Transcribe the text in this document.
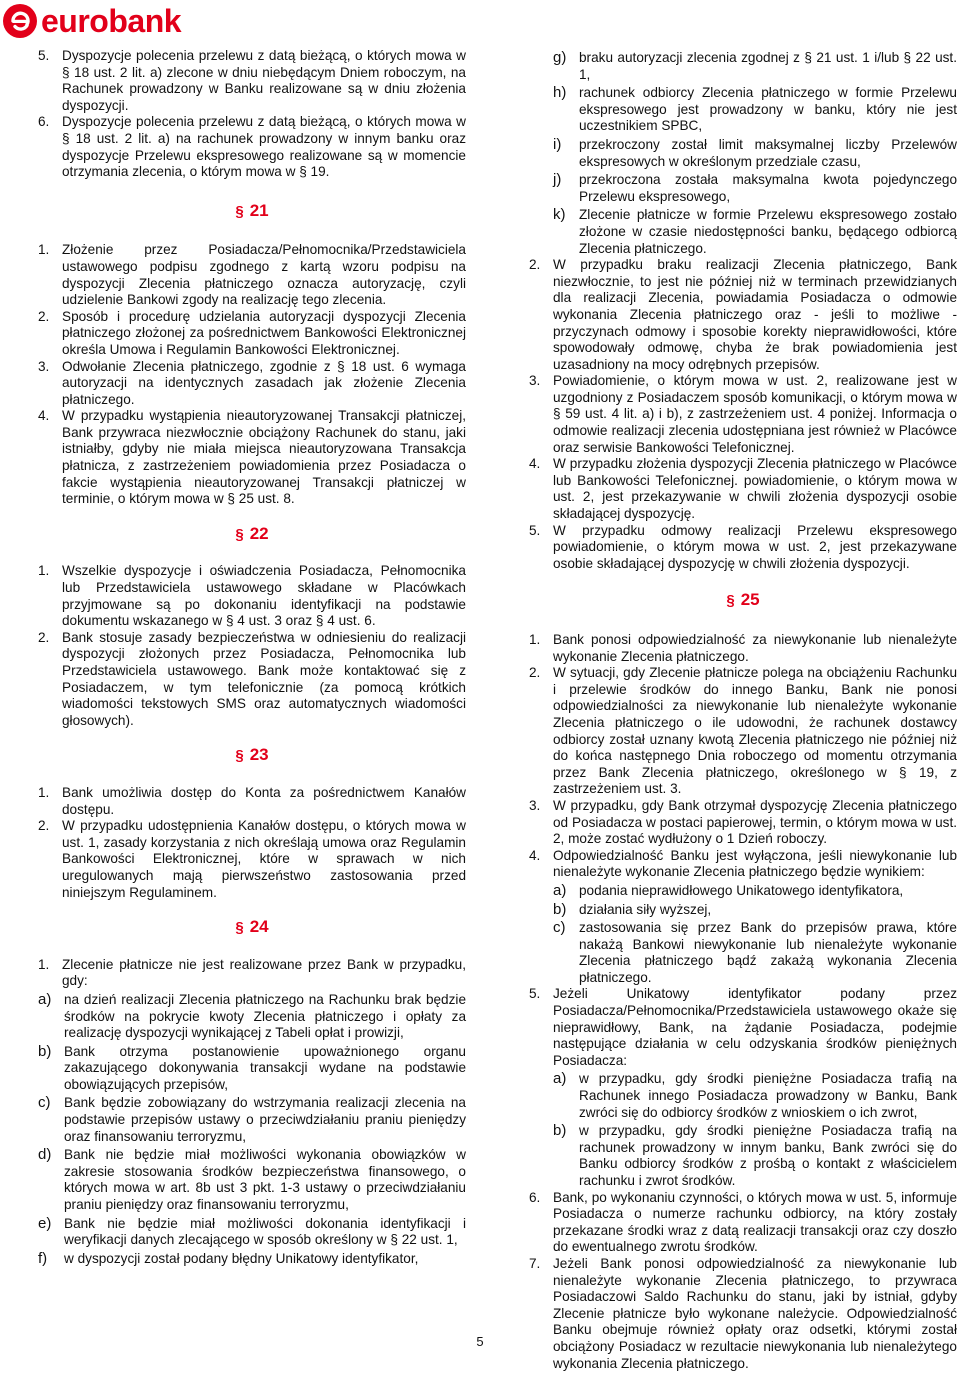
eurobank
5. Dyspozycje polecenia przelewu z datą bieżącą, o których mowa w § 18 ust. 2 lit. a) zlecone w dniu niebędącym Dniem roboczym, na Rachunek prowadzony w Banku realizowane są w dniu złożenia dyspozycji.
6. Dyspozycje polecenia przelewu z datą bieżącą, o których mowa w § 18 ust. 2 lit. a) na rachunek prowadzony w innym banku oraz dyspozycje Przelewu ekspresowego realizowane są w momencie otrzymania zlecenia, o którym mowa w § 19.
§ 21
1. Złożenie przez Posiadacza/Pełnomocnika/Przedstawiciela ustawowego podpisu zgodnego z kartą wzoru podpisu na dyspozycji Zlecenia płatniczego oznacza autoryzację, czyli udzielenie Bankowi zgody na realizację tego zlecenia.
2. Sposób i procedurę udzielania autoryzacji dyspozycji Zlecenia płatniczego złożonej za pośrednictwem Bankowości Elektronicznej określa Umowa i Regulamin Bankowości Elektronicznej.
3. Odwołanie Zlecenia płatniczego, zgodnie z § 18 ust. 6 wymaga autoryzacji na identycznych zasadach jak złożenie Zlecenia płatniczego.
4. W przypadku wystąpienia nieautoryzowanej Transakcji płatniczej, Bank przywraca niezwłocznie obciążony Rachunek do stanu, jaki istniałby, gdyby nie miała miejsca nieautoryzowana Transakcja płatnicza, z zastrzeżeniem powiadomienia przez Posiadacza o fakcie wystąpienia nieautoryzowanej Transakcji płatniczej w terminie, o którym mowa w § 25 ust. 8.
§ 22
1. Wszelkie dyspozycje i oświadczenia Posiadacza, Pełnomocnika lub Przedstawiciela ustawowego składane w Placówkach przyjmowane są po dokonaniu identyfikacji na podstawie dokumentu wskazanego w § 4 ust. 3 oraz § 4 ust. 6.
2. Bank stosuje zasady bezpieczeństwa w odniesieniu do realizacji dyspozycji złożonych przez Posiadacza, Pełnomocnika lub Przedstawiciela ustawowego. Bank może kontaktować się z Posiadaczem, w tym telefonicznie (za pomocą krótkich wiadomości tekstowych SMS oraz automatycznych wiadomości głosowych).
§ 23
1. Bank umożliwia dostęp do Konta za pośrednictwem Kanałów dostępu.
2. W przypadku udostępnienia Kanałów dostępu, o których mowa w ust. 1, zasady korzystania z nich określają umowa oraz Regulamin Bankowości Elektronicznej, które w sprawach w nich uregulowanych mają pierwszeństwo zastosowania przed niniejszym Regulaminem.
§ 24
1. Zlecenie płatnicze nie jest realizowane przez Bank w przypadku, gdy:
a) na dzień realizacji Zlecenia płatniczego na Rachunku brak będzie środków na pokrycie kwoty Zlecenia płatniczego i opłaty za realizację dyspozycji wynikającej z Tabeli opłat i prowizji,
b) Bank otrzyma postanowienie upoważnionego organu zakazującego dokonywania transakcji wydane na podstawie obowiązujących przepisów,
c) Bank będzie zobowiązany do wstrzymania realizacji zlecenia na podstawie przepisów ustawy o przeciwdziałaniu praniu pieniędzy oraz finansowaniu terroryzmu,
d) Bank nie będzie miał możliwości wykonania obowiązków w zakresie stosowania środków bezpieczeństwa finansowego, o których mowa w art. 8b ust 3 pkt. 1-3 ustawy o przeciwdziałaniu praniu pieniędzy oraz finansowaniu terroryzmu,
e) Bank nie będzie miał możliwości dokonania identyfikacji i weryfikacji danych zlecającego w sposób określony w § 22 ust. 1,
f)	w dyspozycji został podany błędny Unikatowy identyfikator,
g) braku autoryzacji zlecenia zgodnej z § 21 ust. 1 i/lub § 22 ust. 1,
h) rachunek odbiorcy Zlecenia płatniczego w formie Przelewu ekspresowego jest prowadzony w banku, który nie jest uczestnikiem SPBC,
i)	przekroczony został limit maksymalnej liczby Przelewów ekspresowych w określonym przedziale czasu,
j)	przekroczona została maksymalna kwota pojedynczego Przelewu ekspresowego,
k) Zlecenie płatnicze w formie Przelewu ekspresowego zostało złożone w czasie niedostępności banku, będącego odbiorcą Zlecenia płatniczego.
2. W przypadku braku realizacji Zlecenia płatniczego, Bank niezwłocznie, to jest nie później niż w terminach przewidzianych dla realizacji Zlecenia, powiadamia Posiadacza o odmowie wykonania Zlecenia płatniczego oraz - jeśli to możliwe - przyczynach odmowy i sposobie korekty nieprawidłowości, które spowodowały odmowę, chyba że brak powiadomienia jest uzasadniony na mocy odrębnych przepisów.
3. Powiadomienie, o którym mowa w ust. 2, realizowane jest w uzgodniony z Posiadaczem sposób komunikacji, o którym mowa w § 59 ust. 4 lit. a) i b), z zastrzeżeniem ust. 4 poniżej. Informacja o odmowie realizacji zlecenia udostępniana jest również w Placówce oraz serwisie Bankowości Telefonicznej.
4. W przypadku złożenia dyspozycji Zlecenia płatniczego w Placówce lub Bankowości Telefonicznej. powiadomienie, o którym mowa w ust. 2, jest przekazywanie w chwili złożenia dyspozycji osobie składającej dyspozycję.
5. W przypadku odmowy realizacji Przelewu ekspresowego powiadomienie, o którym mowa w ust. 2, jest przekazywane osobie składającej dyspozycję w chwili złożenia dyspozycji.
§ 25
1. Bank ponosi odpowiedzialność za niewykonanie lub nienależyte wykonanie Zlecenia płatniczego.
2. W sytuacji, gdy Zlecenie płatnicze polega na obciążeniu Rachunku i przelewie środków do innego Banku, Bank nie ponosi odpowiedzialności za niewykonanie lub nienależyte wykonanie Zlecenia płatniczego o ile udowodni, że rachunek dostawcy odbiorcy został uznany kwotą Zlecenia płatniczego nie później niż do końca następnego Dnia roboczego od momentu otrzymania przez Bank Zlecenia płatniczego, określonego w § 19, z zastrzeżeniem ust. 3.
3. W przypadku, gdy Bank otrzymał dyspozycję Zlecenia płatniczego od Posiadacza w postaci papierowej, termin, o którym mowa w ust. 2, może zostać wydłużony o 1 Dzień roboczy.
4. Odpowiedzialność Banku jest wyłączona, jeśli niewykonanie lub nienależyte wykonanie Zlecenia płatniczego będzie wynikiem:
a) podania nieprawidłowego Unikatowego identyfikatora,
b) działania siły wyższej,
c) zastosowania się przez Bank do przepisów prawa, które nakażą Bankowi niewykonanie lub nienależyte wykonanie Zlecenia płatniczego bądź zakażą wykonania Zlecenia płatniczego.
5. Jeżeli Unikatowy identyfikator podany przez Posiadacza/Pełnomocnika/Przedstawiciela ustawowego okaże się nieprawidłowy, Bank, na żądanie Posiadacza, podejmie następujące działania w celu odzyskania środków pieniężnych Posiadacza:
a) w przypadku, gdy środki pieniężne Posiadacza trafią na Rachunek innego Posiadacza prowadzony w Banku, Bank zwróci się do odbiorcy środków z wnioskiem o ich zwrot,
b) w przypadku, gdy środki pieniężne Posiadacza trafią na rachunek prowadzony w innym banku, Bank zwróci się do Banku odbiorcy środków z prośbą o kontakt z właścicielem rachunku i zwrot środków.
6. Bank, po wykonaniu czynności, o których mowa w ust. 5, informuje Posiadacza o numerze rachunku odbiorcy, na który zostały przekazane środki wraz z datą realizacji transakcji oraz czy doszło do ewentualnego zwrotu środków.
7. Jeżeli Bank ponosi odpowiedzialność za niewykonanie lub nienależyte wykonanie Zlecenia płatniczego, to przywraca Posiadaczowi Saldo Rachunku do stanu, jaki by istniał, gdyby Zlecenie płatnicze było wykonane należycie. Odpowiedzialność Banku obejmuje również opłaty oraz odsetki, którymi został obciążony Posiadacz w rezultacie niewykonania lub nienależytego wykonania Zlecenia płatniczego.
5
